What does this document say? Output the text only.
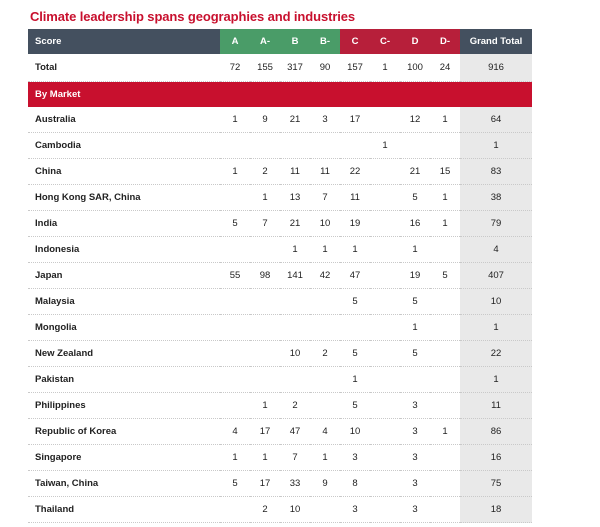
Climate leadership spans geographies and industries
Score	A	A-	B	B-	C	C-	D	D-	Grand Total
Total	72	155	317	90	157	1	100	24	916
By Market									
Australia	1	9	21	3	17		12	1	64
Cambodia						1			1
China	1	2	11	11	22		21	15	83
Hong Kong SAR, China		1	13	7	11		5	1	38
India	5	7	21	10	19		16	1	79
Indonesia			1	1	1		1		4
Japan	55	98	141	42	47		19	5	407
Malaysia					5		5		10
Mongolia							1		1
New Zealand			10	2	5		5		22
Pakistan					1				1
Philippines		1	2		5		3		11
Republic of Korea	4	17	47	4	10		3	1	86
Singapore	1	1	7	1	3		3		16
Taiwan, China	5	17	33	9	8		3		75
Thailand		2	10		3		3		18
